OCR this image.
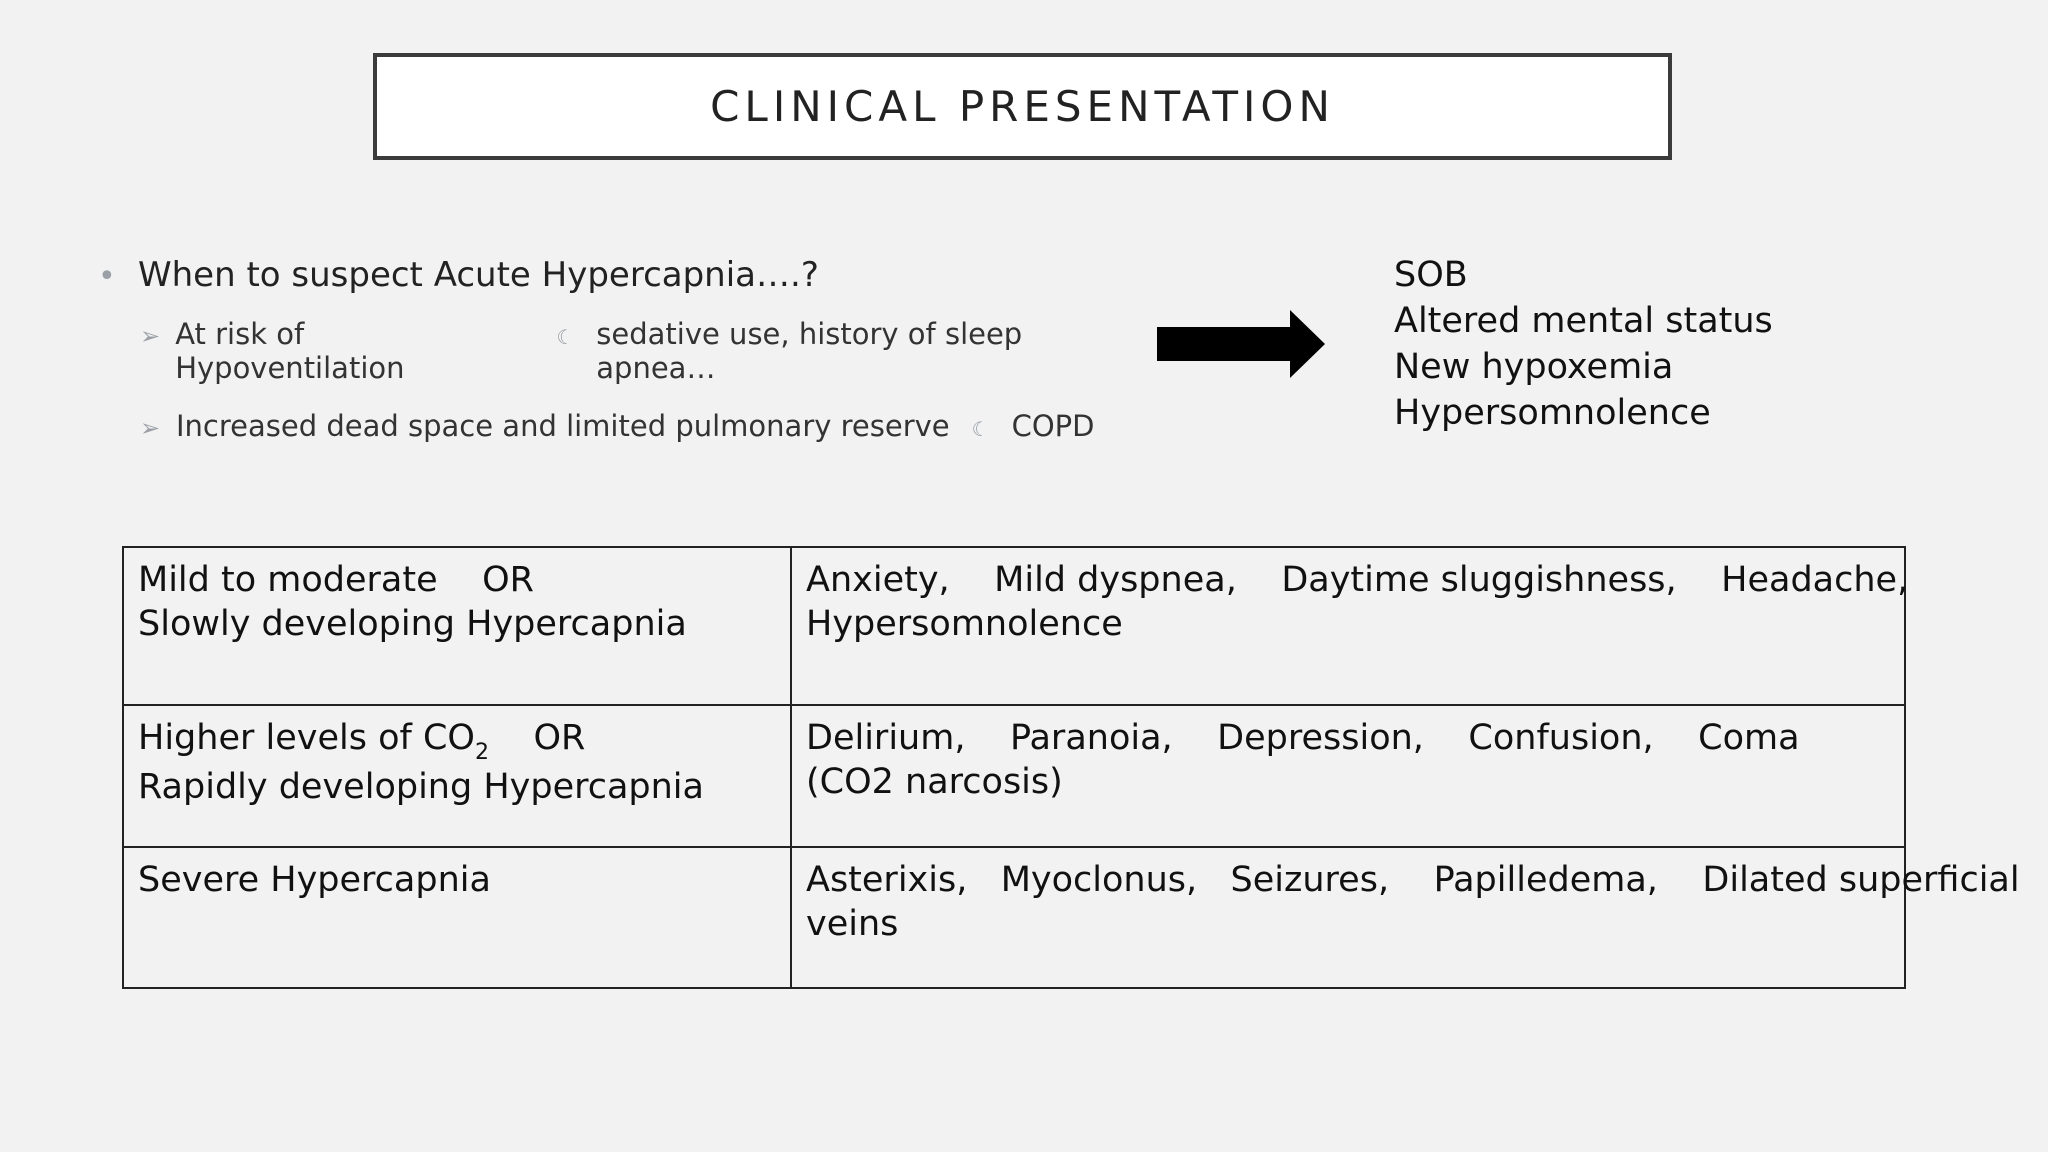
CLINICAL PRESENTATION
• When to suspect Acute Hypercapnia….?
➢ At risk of Hypoventilation
☾ sedative use, history of sleep apnea…
➢ Increased dead space and limited pulmonary reserve ☾ COPD
SOB
Altered mental status
New hypoxemia
Hypersomnolence
Mild to moderate    OR
Slowly developing Hypercapnia	Anxiety,    Mild dyspnea,    Daytime sluggishness,    Headache,
Hypersomnolence

Higher levels of $CO_2$    OR
Rapidly developing Hypercapnia	Delirium,    Paranoia,    Depression,    Confusion,    Coma
(CO2 narcosis)

Severe Hypercapnia	Asterixis,   Myoclonus,   Seizures,    Papilledema,    Dilated superficial
veins
